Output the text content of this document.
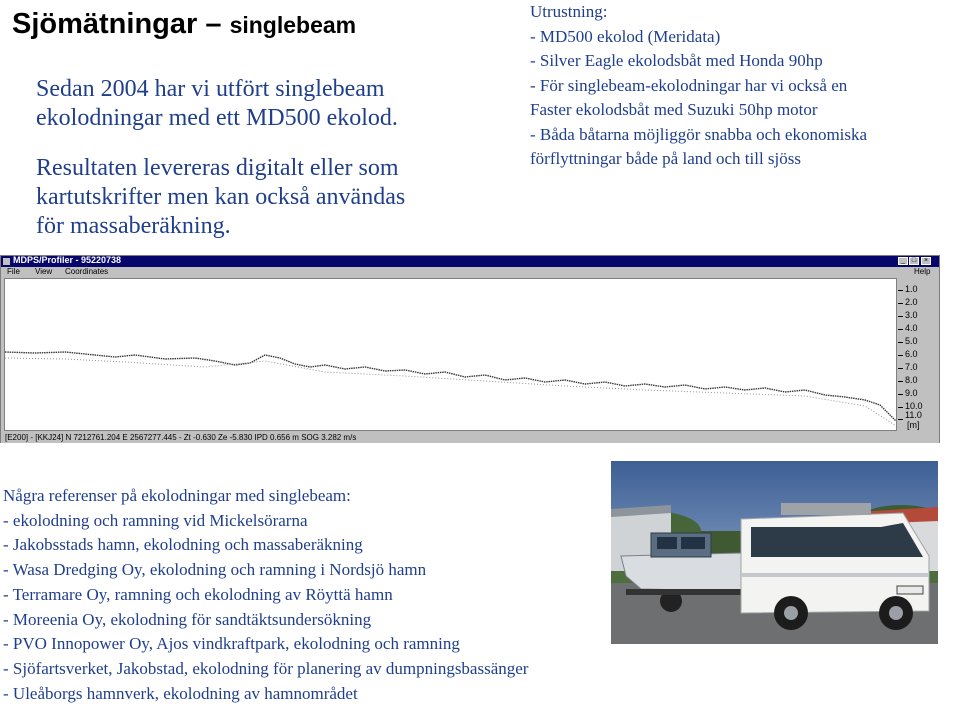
Sjömätningar – singlebeam
Sedan 2004 har vi utfört singlebeam
ekolodningar med ett MD500 ekolod.
Resultaten levereras digitalt eller som
kartutskrifter men kan också användas
för massaberäkning.
Utrustning:
- MD500 ekolod (Meridata)
- Silver Eagle ekolodsbåt med Honda 90hp
- För singlebeam-ekolodningar har vi också en
Faster ekolodsbåt med Suzuki 50hp motor
- Båda båtarna möjliggör snabba och ekonomiska
förflyttningar både på land och till sjöss
MDPS/Profiler - 95220738	_ □	×
File View Coordinates	Help
1.0
2.0
3.0
4.0
5.0
6.0
7.0
8.0
9.0
10.0
11.0
[m]
[E200] - [KKJ24] N 7212761.204 E 2567277.445 - Zt -0.630 Ze -5.830 IPD 0.656 m SOG 3.282 m/s
Några referenser på ekolodningar med singlebeam:
- ekolodning och ramning vid Mickelsörarna
- Jakobsstads hamn, ekolodning och massaberäkning
- Wasa Dredging Oy, ekolodning och ramning i Nordsjö hamn
- Terramare Oy, ramning och ekolodning av Röyttä hamn
- Moreenia Oy, ekolodning för sandtäktsundersökning
- PVO Innopower Oy, Ajos vindkraftpark, ekolodning och ramning
- Sjöfartsverket, Jakobstad, ekolodning för planering av dumpningsbassänger
- Uleåborgs hamnverk, ekolodning av hamnområdet
